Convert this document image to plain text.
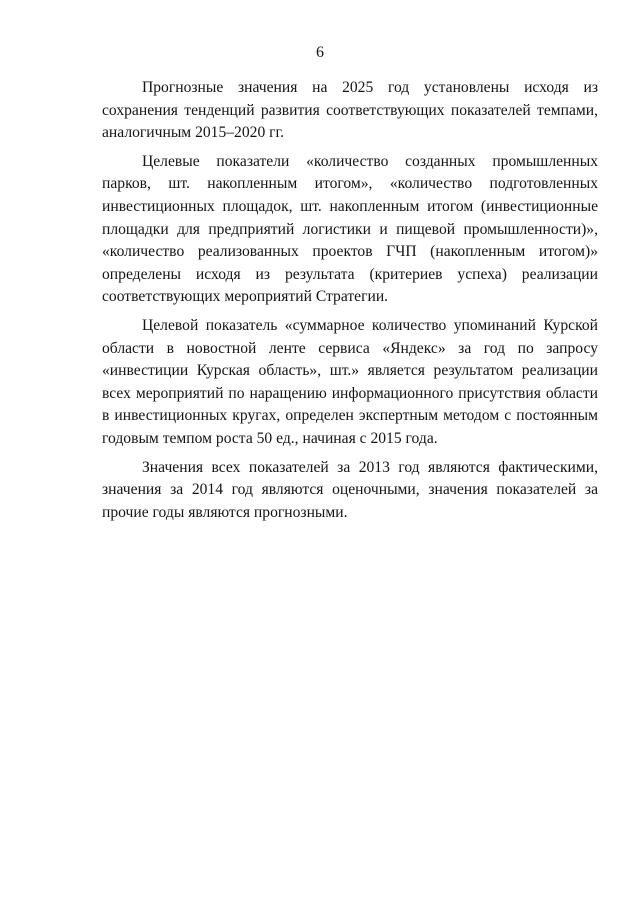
6

Прогнозные значения на 2025 год установлены исходя из сохранения тенденций развития соответствующих показателей темпами, аналогичным 2015–2020 гг.

Целевые показатели «количество созданных промышленных парков, шт. накопленным итогом», «количество подготовленных инвестиционных площадок, шт. накопленным итогом (инвестиционные площадки для предприятий логистики и пищевой промышленности)», «количество реализованных проектов ГЧП (накопленным итогом)» определены исходя из результата (критериев успеха) реализации соответствующих мероприятий Стратегии.

Целевой показатель «суммарное количество упоминаний Курской области в новостной ленте сервиса «Яндекс» за год по запросу «инвестиции Курская область», шт.» является результатом реализации всех мероприятий по наращению информационного присутствия области в инвестиционных кругах, определен экспертным методом с постоянным годовым темпом роста 50 ед., начиная с 2015 года.

Значения всех показателей за 2013 год являются фактическими, значения за 2014 год являются оценочными, значения показателей за прочие годы являются прогнозными.
